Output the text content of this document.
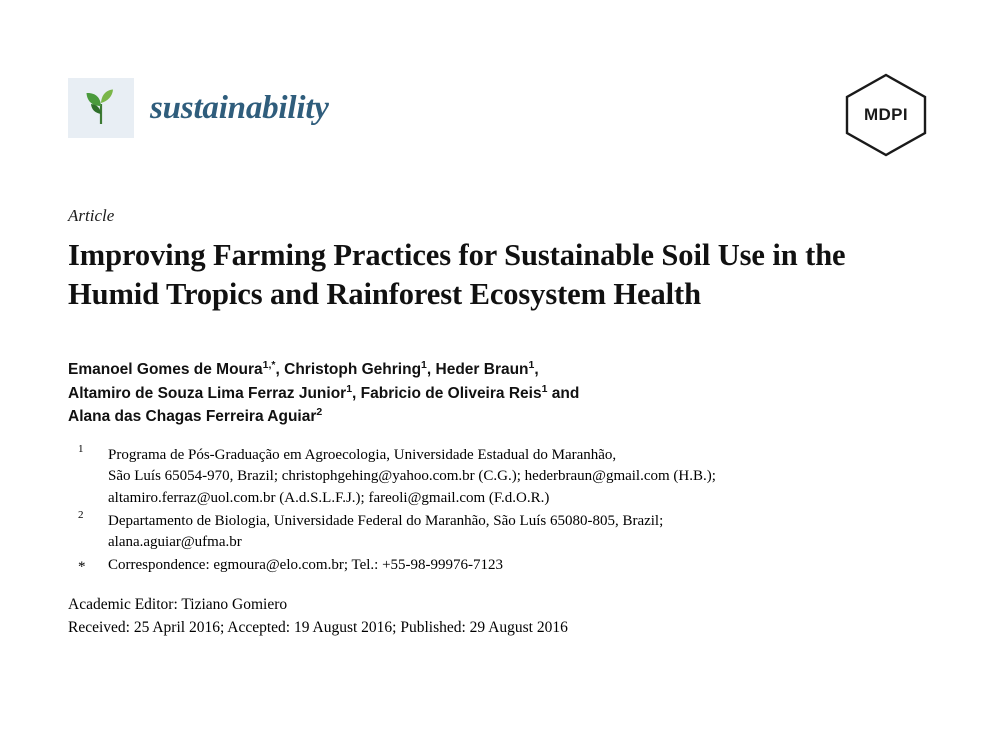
sustainability	MDPI
Article
Improving Farming Practices for Sustainable Soil Use in the Humid Tropics and Rainforest Ecosystem Health
Emanoel Gomes de Moura$^{1,*}$, Christoph Gehring$^1$, Heder Braun$^1$,
Altamiro de Souza Lima Ferraz Junior$^1$, Fabricio de Oliveira Reis$^1$ and
Alana das Chagas Ferreira Aguiar$^2$
1	Programa de Pós-Graduação em Agroecologia, Universidade Estadual do Maranhão,
São Luís 65054-970, Brazil; christophgehing@yahoo.com.br (C.G.); hederbraun@gmail.com (H.B.);
altamiro.ferraz@uol.com.br (A.d.S.L.F.J.); fareoli@gmail.com (F.d.O.R.)
2	Departamento de Biologia, Universidade Federal do Maranhão, São Luís 65080-805, Brazil;
alana.aguiar@ufma.br
*	Correspondence: egmoura@elo.com.br; Tel.: +55-98-99976-7123
Academic Editor: Tiziano Gomiero
Received: 25 April 2016; Accepted: 19 August 2016; Published: 29 August 2016
